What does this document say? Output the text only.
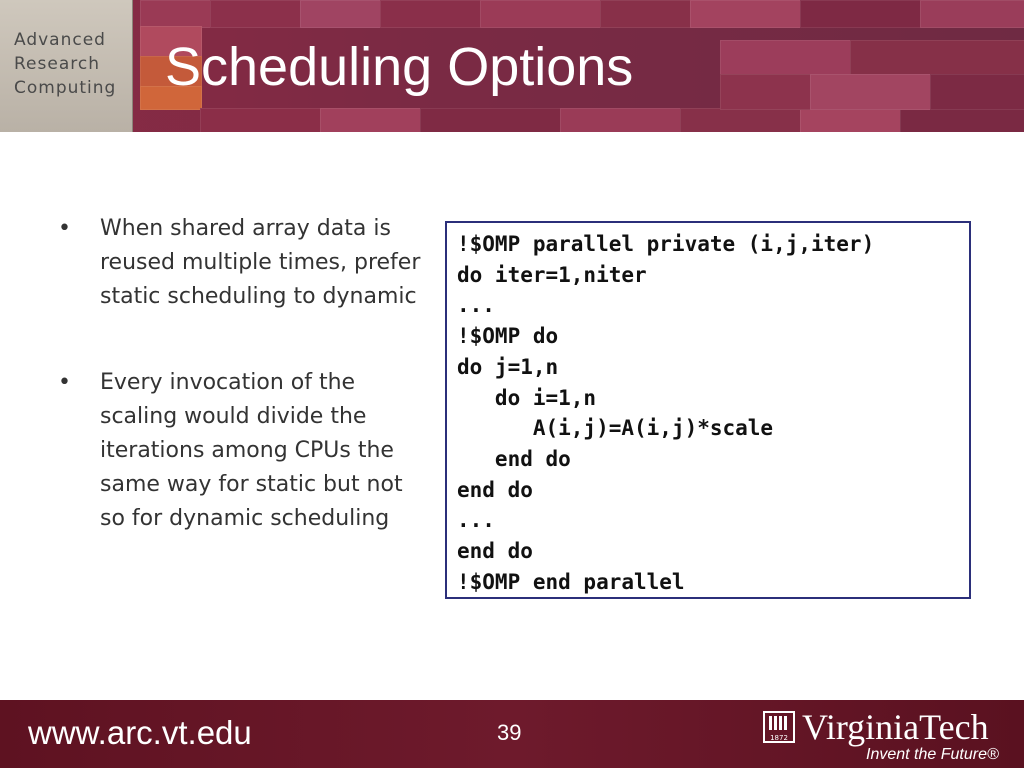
Advanced
Research
Computing Scheduling Options
• When shared array data is reused multiple times, prefer static scheduling to dynamic
• Every invocation of the scaling would divide the iterations among CPUs the same way for static but not so for dynamic scheduling
!$OMP parallel private (i,j,iter)
do iter=1,niter
...
!$OMP do
do j=1,n
do i=1,n
A(i,j)=A(i,j)*scale
end do
end do
...
end do
!$OMP end parallel
www.arc.vt.edu	39	1872 VirginiaTech
Invent the Future®
